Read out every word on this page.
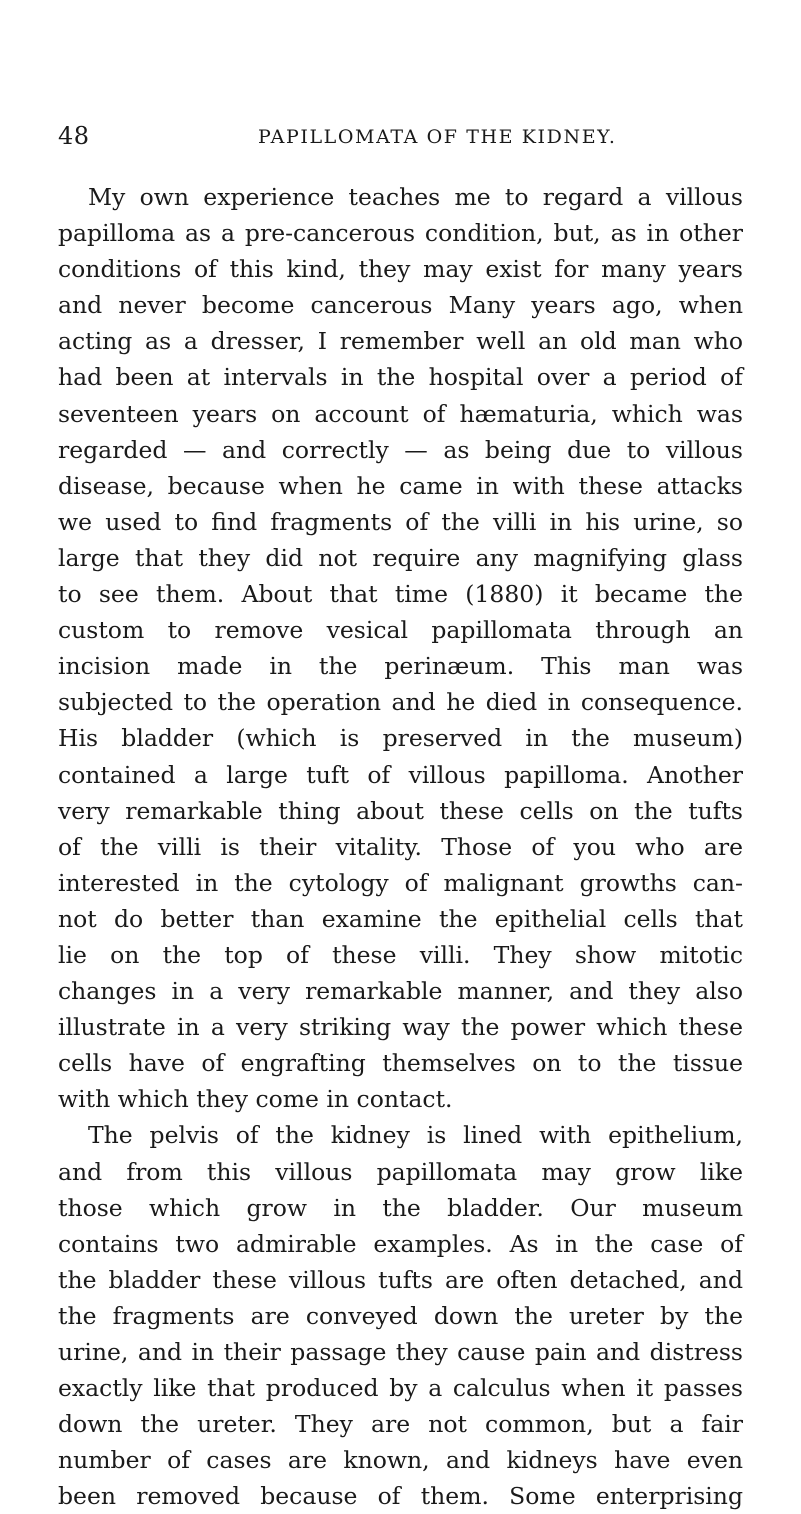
48	PAPILLOMATA OF THE KIDNEY.
My own experience teaches me to regard a villous
papilloma as a pre-cancerous condition, but, as in other
conditions of this kind, they may exist for many years
and never become cancerous Many years ago, when
acting as a dresser, I remember well an old man who
had been at intervals in the hospital over a period of
seventeen years on account of hæmaturia, which was
regarded — and correctly — as being due to villous
disease, because when he came in with these attacks
we used to find fragments of the villi in his urine, so
large that they did not require any magnifying glass
to see them. About that time (1880) it became the
custom to remove vesical papillomata through an
incision made in the perinæum. This man was
subjected to the operation and he died in consequence.
His bladder (which is preserved in the museum)
contained a large tuft of villous papilloma. Another
very remarkable thing about these cells on the tufts
of the villi is their vitality. Those of you who are
interested in the cytology of malignant growths can-
not do better than examine the epithelial cells that
lie on the top of these villi. They show mitotic
changes in a very remarkable manner, and they also
illustrate in a very striking way the power which these
cells have of engrafting themselves on to the tissue
with which they come in contact.
The pelvis of the kidney is lined with epithelium,
and from this villous papillomata may grow like
those which grow in the bladder. Our museum
contains two admirable examples. As in the case of
the bladder these villous tufts are often detached, and
the fragments are conveyed down the ureter by the
urine, and in their passage they cause pain and distress
exactly like that produced by a calculus when it passes
down the ureter. They are not common, but a fair
number of cases are known, and kidneys have even
been removed because of them. Some enterprising
